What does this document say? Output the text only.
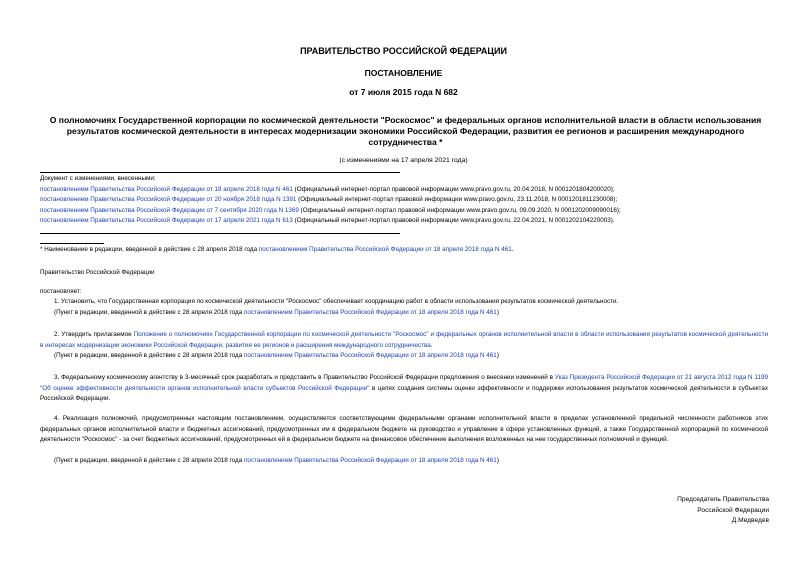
ПРАВИТЕЛЬСТВО РОССИЙСКОЙ ФЕДЕРАЦИИ
ПОСТАНОВЛЕНИЕ
от 7 июля 2015 года N 682
О полномочиях Государственной корпорации по космической деятельности "Роскосмос" и федеральных органов исполнительной власти в области использования результатов космической деятельности в интересах модернизации экономики Российской Федерации, развития ее регионов и расширения международного сотрудничества *
(с изменениями на 17 апреля 2021 года)
Документ с изменениями, внесенными:
постановлением Правительства Российской Федерации от 18 апреля 2018 года N 461 (Официальный интернет-портал правовой информации www.pravo.gov.ru, 20.04.2018, N 0001201804200020);
постановлением Правительства Российской Федерации от 20 ноября 2018 года N 1391 (Официальный интернет-портал правовой информации www.pravo.gov.ru, 23.11.2018, N 0001201811230008);
постановлением Правительства Российской Федерации от 7 сентября 2020 года N 1369 (Официальный интернет-портал правовой информации www.pravo.gov.ru, 09.09.2020, N 0001202009090016);
постановлением Правительства Российской Федерации от 17 апреля 2021 года N 613 (Официальный интернет-портал правовой информации www.pravo.gov.ru, 22.04.2021, N 0001202104220003).
* Наименование в редакции, введенной в действие с 28 апреля 2018 года постановлением Правительства Российской Федерации от 18 апреля 2018 года N 461.
Правительство Российской Федерации
постановляет:
1. Установить, что Государственная корпорация по космической деятельности "Роскосмос" обеспечивает координацию работ в области использования результатов космической деятельности.
(Пункт в редакции, введенной в действие с 28 апреля 2018 года постановлением Правительства Российской Федерации от 18 апреля 2018 года N 461)
2. Утвердить прилагаемое Положение о полномочиях Государственной корпорации по космической деятельности "Роскосмос" и федеральных органов исполнительной власти в области использования результатов космической деятельности в интересах модернизации экономики Российской Федерации, развития ее регионов и расширения международного сотрудничества.
(Пункт в редакции, введенной в действие с 28 апреля 2018 года постановлением Правительства Российской Федерации от 18 апреля 2018 года N 461)
3. Федеральному космическому агентству в 3-месячный срок разработать и представить в Правительство Российской Федерации предложения о внесении изменений в Указ Президента Российской Федерации от 21 августа 2012 года N 1199 "Об оценке эффективности деятельности органов исполнительной власти субъектов Российской Федерации" в целях создания системы оценки эффективности и поддержки использования результатов космической деятельности в субъектах Российской Федерации.
4. Реализация полномочий, предусмотренных настоящим постановлением, осуществляется соответствующими федеральными органами исполнительной власти в пределах установленной предельной численности работников этих федеральных органов исполнительной власти и бюджетных ассигнований, предусмотренных им в федеральном бюджете на руководство и управление в сфере установленных функций, а также Государственной корпорацией по космической деятельности "Роскосмос" - за счет бюджетных ассигнований, предусмотренных ей в федеральном бюджете на финансовое обеспечение выполнения возложенных на нее государственных полномочий и функций.
(Пункт в редакции, введенной в действие с 28 апреля 2018 года постановлением Правительства Российской Федерации от 18 апреля 2018 года N 461)
Председатель Правительства
Российской Федерации
Д.Медведев
